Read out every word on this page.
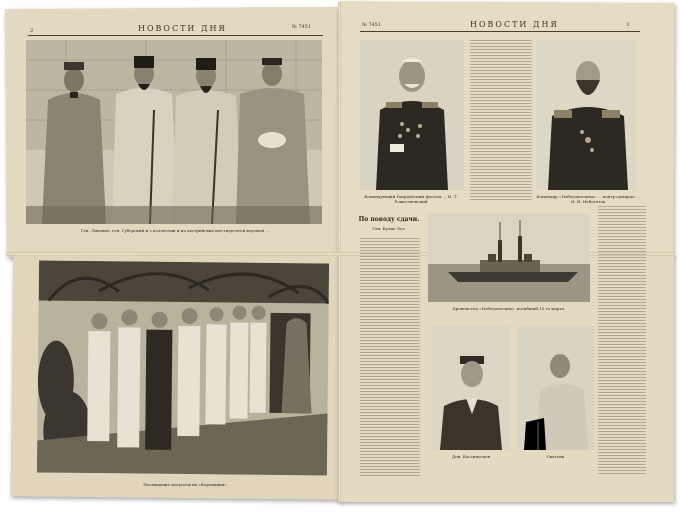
2	НОВОСТИ ДНЯ	№ 7451
Ген. Линевич, ген. Губерский и с коллегами и на австрийских шестидесятой ведомой ...
№ 7451	НОВОСТИ ДНЯ	3
Командующий Гвардейским флотом ... И. Т. Рожественский
Командир «Победоносцева» ... контр-адмирал ... Н. И. Небогатов
По поводу сдачи.
Ген. Булыг Эст.
Броненосец «Победоносцев», погибший 15 го марта.
Ден. Кассиносцев	Скаттик.
Посвящение матросов на «Коронации»
